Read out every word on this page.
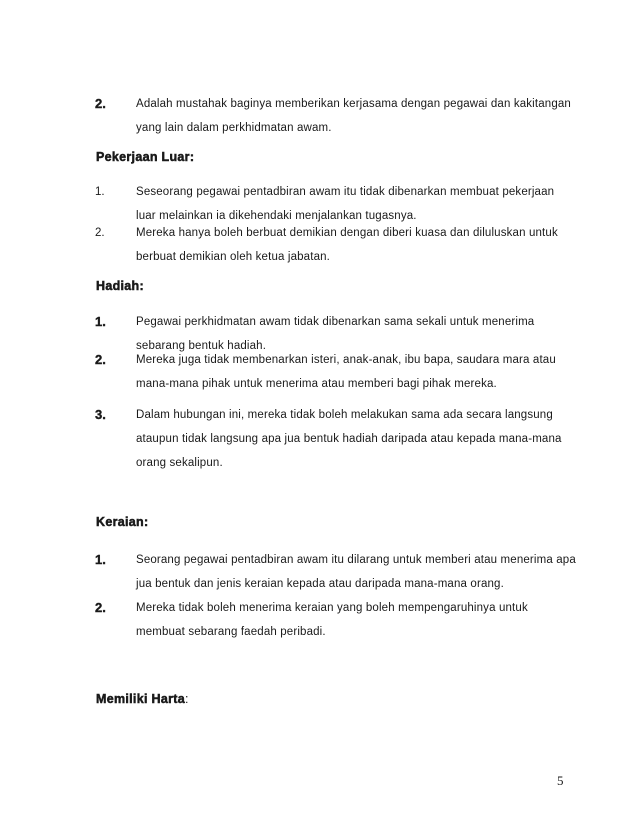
2.	Adalah mustahak baginya memberikan kerjasama dengan pegawai dan kakitangan yang lain dalam perkhidmatan awam.
Pekerjaan Luar:
1.	Seseorang pegawai pentadbiran awam itu tidak dibenarkan membuat pekerjaan luar melainkan ia dikehendaki menjalankan tugasnya.
2.	Mereka hanya boleh berbuat demikian dengan diberi kuasa dan diluluskan untuk berbuat demikian oleh ketua jabatan.
Hadiah:
1.	Pegawai perkhidmatan awam tidak dibenarkan sama sekali untuk menerima sebarang bentuk hadiah.
2.	Mereka juga tidak membenarkan isteri, anak-anak, ibu bapa, saudara mara atau mana-mana pihak untuk menerima atau memberi bagi pihak mereka.
3.	Dalam hubungan ini, mereka tidak boleh melakukan sama ada secara langsung ataupun tidak langsung apa jua bentuk hadiah daripada atau kepada mana-mana orang sekalipun.
Keraian:
1.	Seorang pegawai pentadbiran awam itu dilarang untuk memberi atau menerima apa jua bentuk dan jenis keraian kepada atau daripada mana-mana orang.
2.	Mereka tidak boleh menerima keraian yang boleh mempengaruhinya untuk membuat sebarang faedah peribadi.
Memiliki Harta:
5
